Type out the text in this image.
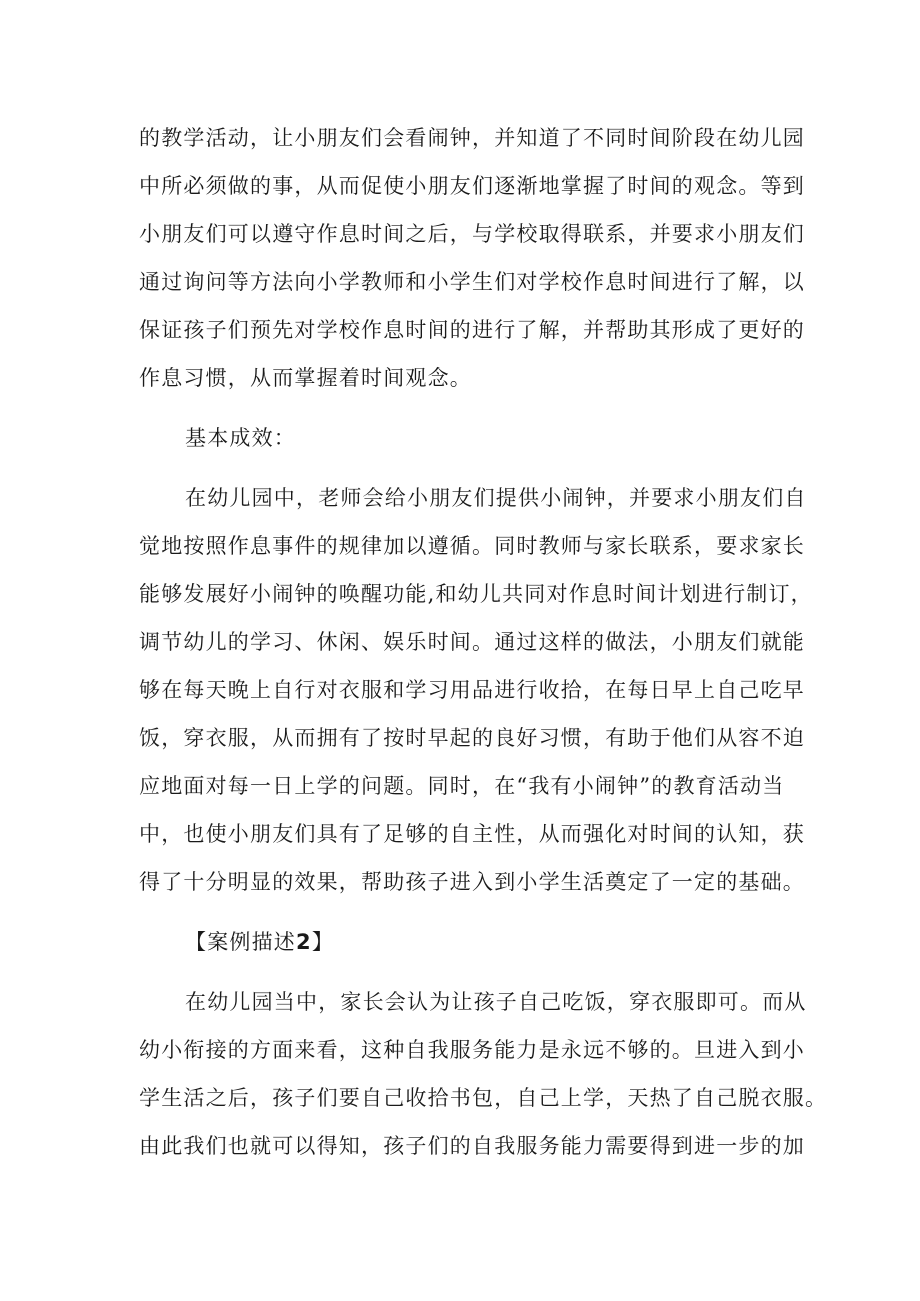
的教学活动，让小朋友们会看闹钟，并知道了不同时间阶段在幼儿园
中所必须做的事，从而促使小朋友们逐渐地掌握了时间的观念。等到
小朋友们可以遵守作息时间之后，与学校取得联系，并要求小朋友们
通过询问等方法向小学教师和小学生们对学校作息时间进行了解，以
保证孩子们预先对学校作息时间的进行了解，并帮助其形成了更好的
作息习惯，从而掌握着时间观念。
基本成效：
在幼儿园中，老师会给小朋友们提供小闹钟，并要求小朋友们自
觉地按照作息事件的规律加以遵循。同时教师与家长联系，要求家长
能够发展好小闹钟的唤醒功能,和幼儿共同对作息时间计划进行制订，
调节幼儿的学习、休闲、娱乐时间。通过这样的做法，小朋友们就能
够在每天晚上自行对衣服和学习用品进行收拾，在每日早上自己吃早
饭，穿衣服，从而拥有了按时早起的良好习惯，有助于他们从容不迫
应地面对每一日上学的问题。同时，在“我有小闹钟”的教育活动当
中，也使小朋友们具有了足够的自主性，从而强化对时间的认知，获
得了十分明显的效果，帮助孩子进入到小学生活奠定了一定的基础。
【案例描述2】
在幼儿园当中，家长会认为让孩子自己吃饭，穿衣服即可。而从
幼小衔接的方面来看，这种自我服务能力是永远不够的。旦进入到小
学生活之后，孩子们要自己收拾书包，自己上学，天热了自己脱衣服。
由此我们也就可以得知，孩子们的自我服务能力需要得到进一步的加
